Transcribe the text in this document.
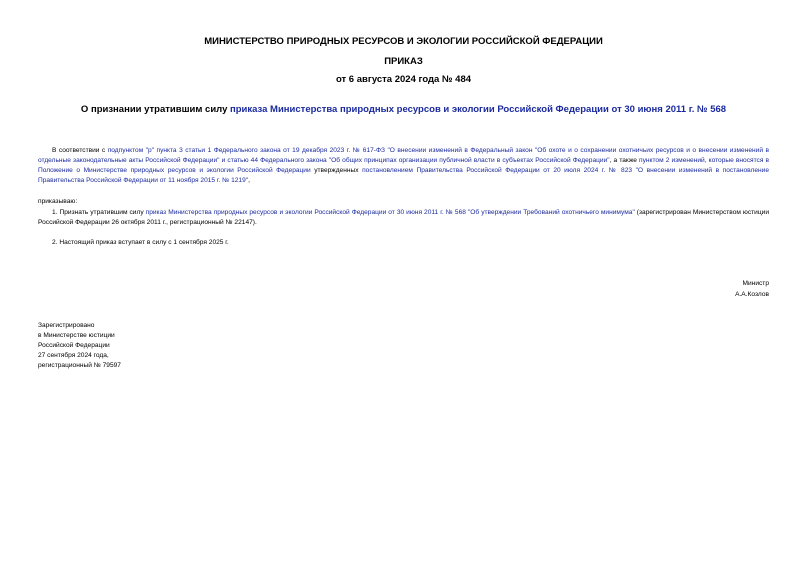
МИНИСТЕРСТВО ПРИРОДНЫХ РЕСУРСОВ И ЭКОЛОГИИ РОССИЙСКОЙ ФЕДЕРАЦИИ
ПРИКАЗ
от 6 августа 2024 года № 484
О признании утратившим силу приказа Министерства природных ресурсов и экологии Российской Федерации от 30 июня 2011 г. № 568
В соответствии с подпунктом "р" пункта 3 статьи 1 Федерального закона от 19 декабря 2023 г. № 617-ФЗ "О внесении изменений в Федеральный закон "Об охоте и о сохранении охотничьих ресурсов и о внесении изменений в отдельные законодательные акты Российской Федерации" и статью 44 Федерального закона "Об общих принципах организации публичной власти в субъектах Российской Федерации", а также пунктом 2 изменений, которые вносятся в Положение о Министерстве природных ресурсов и экологии Российской Федерации утвержденных постановлением Правительства Российской Федерации от 20 июля 2024 г. № 823 "О внесении изменений в постановление Правительства Российской Федерации от 11 ноября 2015 г. № 1219",
приказываю:
1. Признать утратившим силу приказ Министерства природных ресурсов и экологии Российской Федерации от 30 июня 2011 г. № 568 "Об утверждении Требований охотничьего минимума" (зарегистрирован Министерством юстиции Российской Федерации 26 октября 2011 г., регистрационный № 22147).
2. Настоящий приказ вступает в силу с 1 сентября 2025 г.
Министр
А.А.Козлов
Зарегистрировано
в Министерстве юстиции
Российской Федерации
27 сентября 2024 года,
регистрационный № 79597
